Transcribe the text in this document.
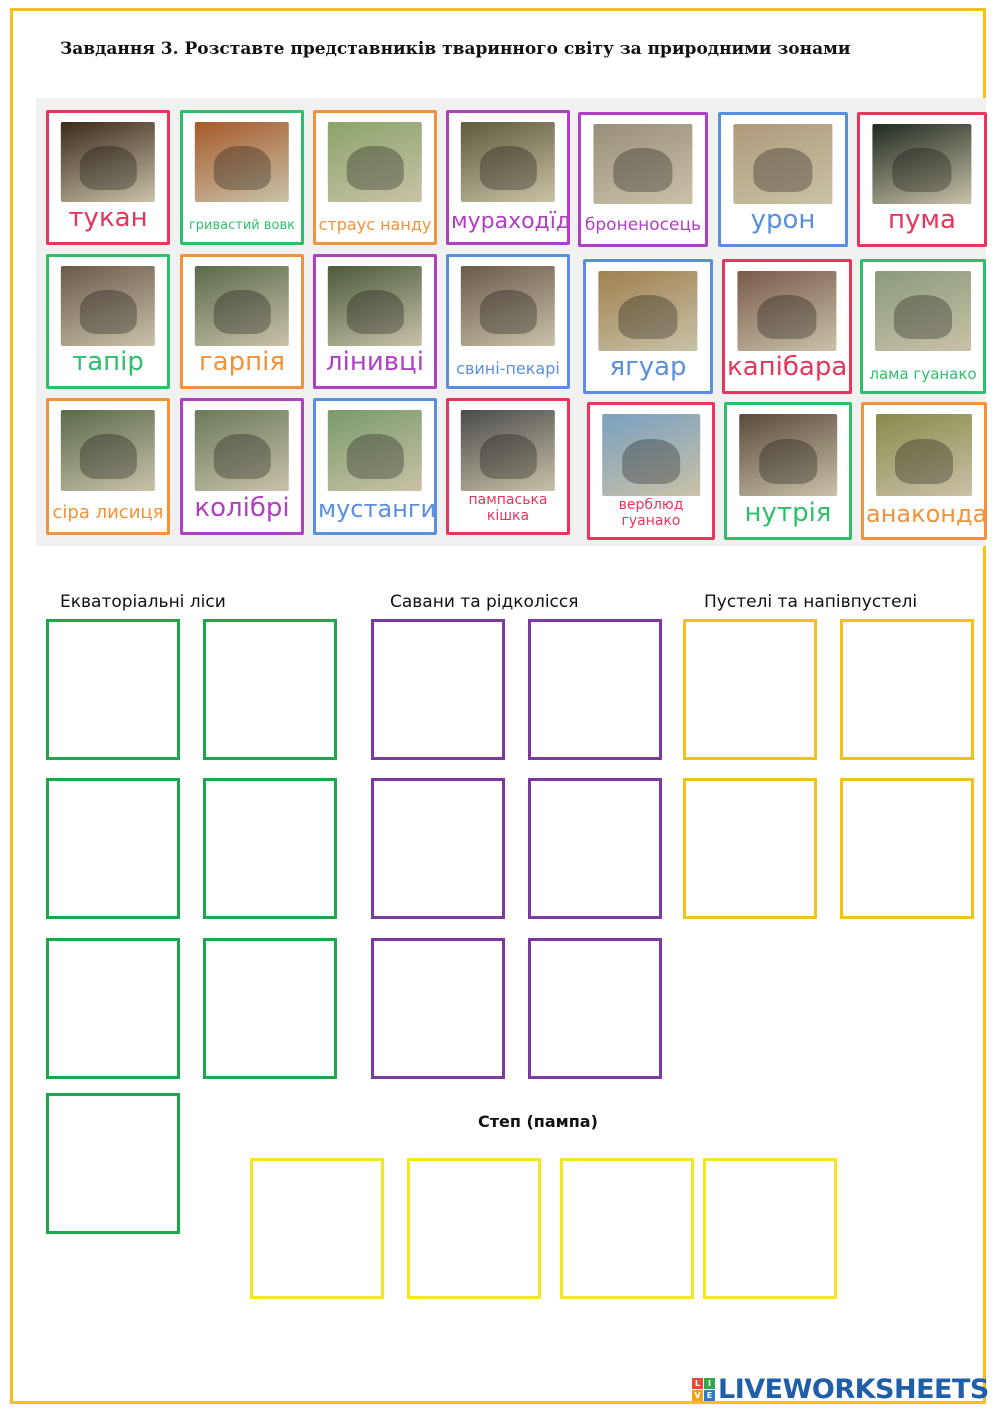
Завдання 3. Розставте представників тваринного світу за природними зонами
тукан	гривастий вовк страус нанду мураходїд броненосець	урон	пума
тапір	гарпія	лінивці	свині-пекарі	ягуар	капібара лама гуанако
сіра лисиця	колібрі	мустанги	пампаська кішка
верблюд гуанако	нутрія	анаконда
Екваторіальні ліси	Савани та рідколісся	Пустелі та напівпустелі
Степ (пампа)
L I
V E LIVEWORKSHEETS
